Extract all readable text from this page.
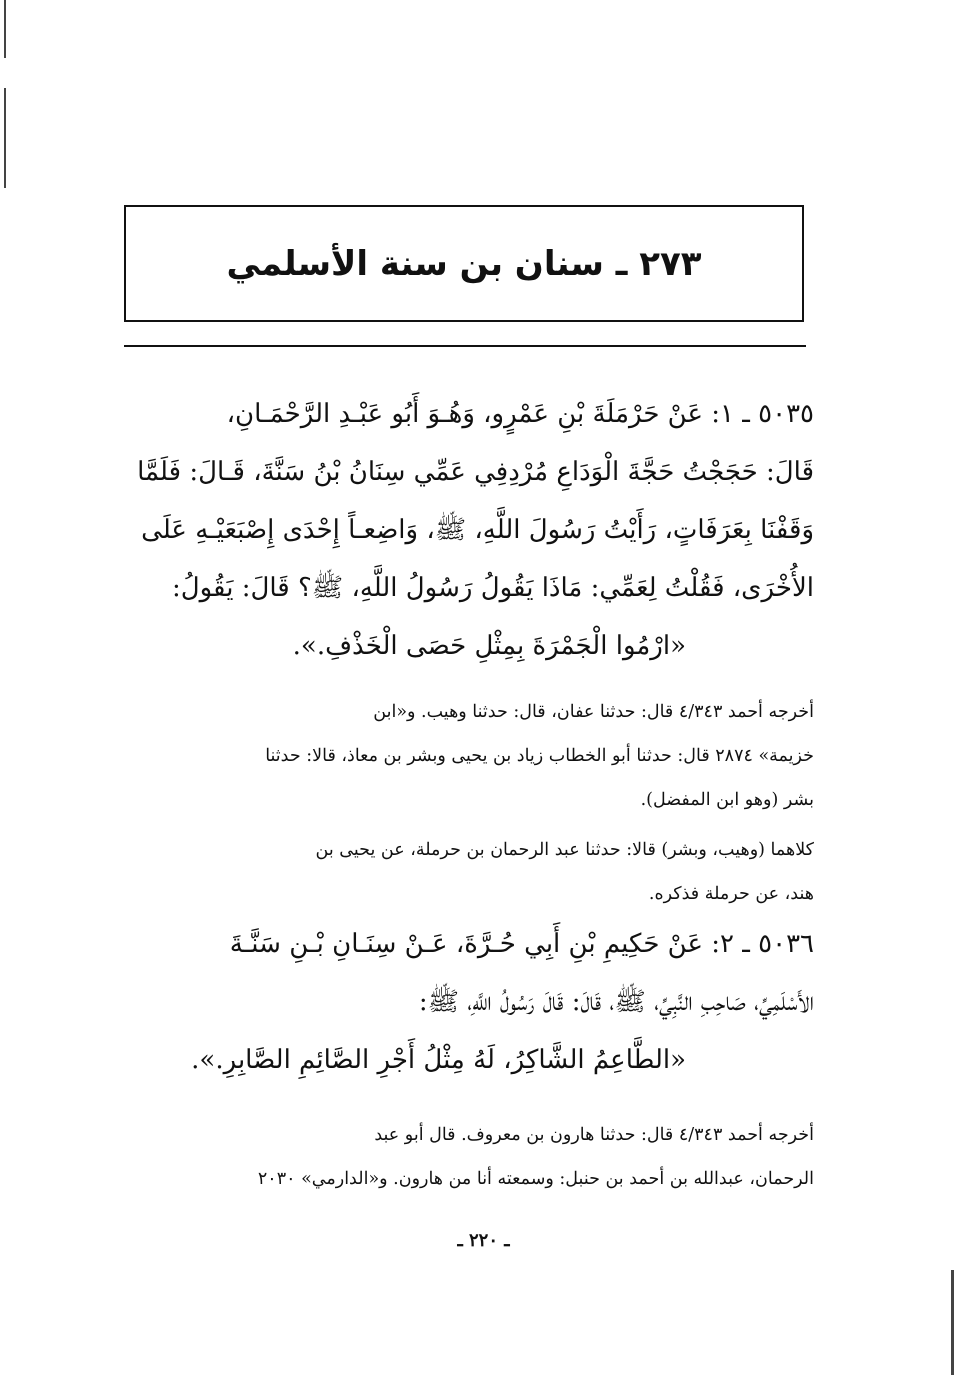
٢٧٣ ـ سنان بن سنة الأسلمي
٥٠٣٥ ـ ١: عَنْ حَرْمَلَةَ بْنِ عَمْرٍو، وَهُـوَ أَبُو عَبْـدِ الرَّحْمَـانِ،
قَالَ: حَجَجْتُ حَجَّةَ الْوَدَاعِ مُرْدِفِي عَمِّي سِنَانُ بْنُ سَنَّةَ، قَـالَ: فَلَمَّا
وَقَفْنَا بِعَرَفَاتٍ، رَأَيْتُ رَسُولَ اللَّهِ، ﷺ، وَاضِعـاً إِحْدَى إِصْبَعَيْـهِ عَلَى
الأُخْرَى، فَقُلْتُ لِعَمِّي: مَاذَا يَقُولُ رَسُولُ اللَّهِ، ﷺ؟ قَالَ: يَقُولُ:
«ارْمُوا الْجَمْرَةَ بِمِثْلِ حَصَى الْخَذْفِ.».
أخرجه أحمد ٤/٣٤٣ قال: حدثنا عفان، قال: حدثنا وهيب. و«ابن
خزيمة» ٢٨٧٤ قال: حدثنا أبو الخطاب زياد بن يحيى وبشر بن معاذ، قالا: حدثنا
بشر (وهو ابن المفضل).
كلاهما (وهيب، وبشر) قالا: حدثنا عبد الرحمان بن حرملة، عن يحيى بن
هند، عن حرملة فذكره.
٥٠٣٦ ـ ٢: عَنْ حَكِيمِ بْنِ أَبِي حُـرَّةَ، عَـنْ سِنَـانِ بْـنِ سَنَّـةَ
الأَسْلَمِيِّ، صَاحِبِ النَّبِيِّ، ﷺ، قَالَ: قَالَ رَسُولُ اللَّهِ، ﷺ:
«الطَّاعِمُ الشَّاكِرُ، لَهُ مِثْلُ أَجْرِ الصَّائِمِ الصَّابِرِ.».
أخرجه أحمد ٤/٣٤٣ قال: حدثنا هارون بن معروف. قال أبو عبد
الرحمان، عبدالله بن أحمد بن حنبل: وسمعته أنا من هارون. و«الدارمي» ٢٠٣٠
ـ ٢٢٠ ـ
